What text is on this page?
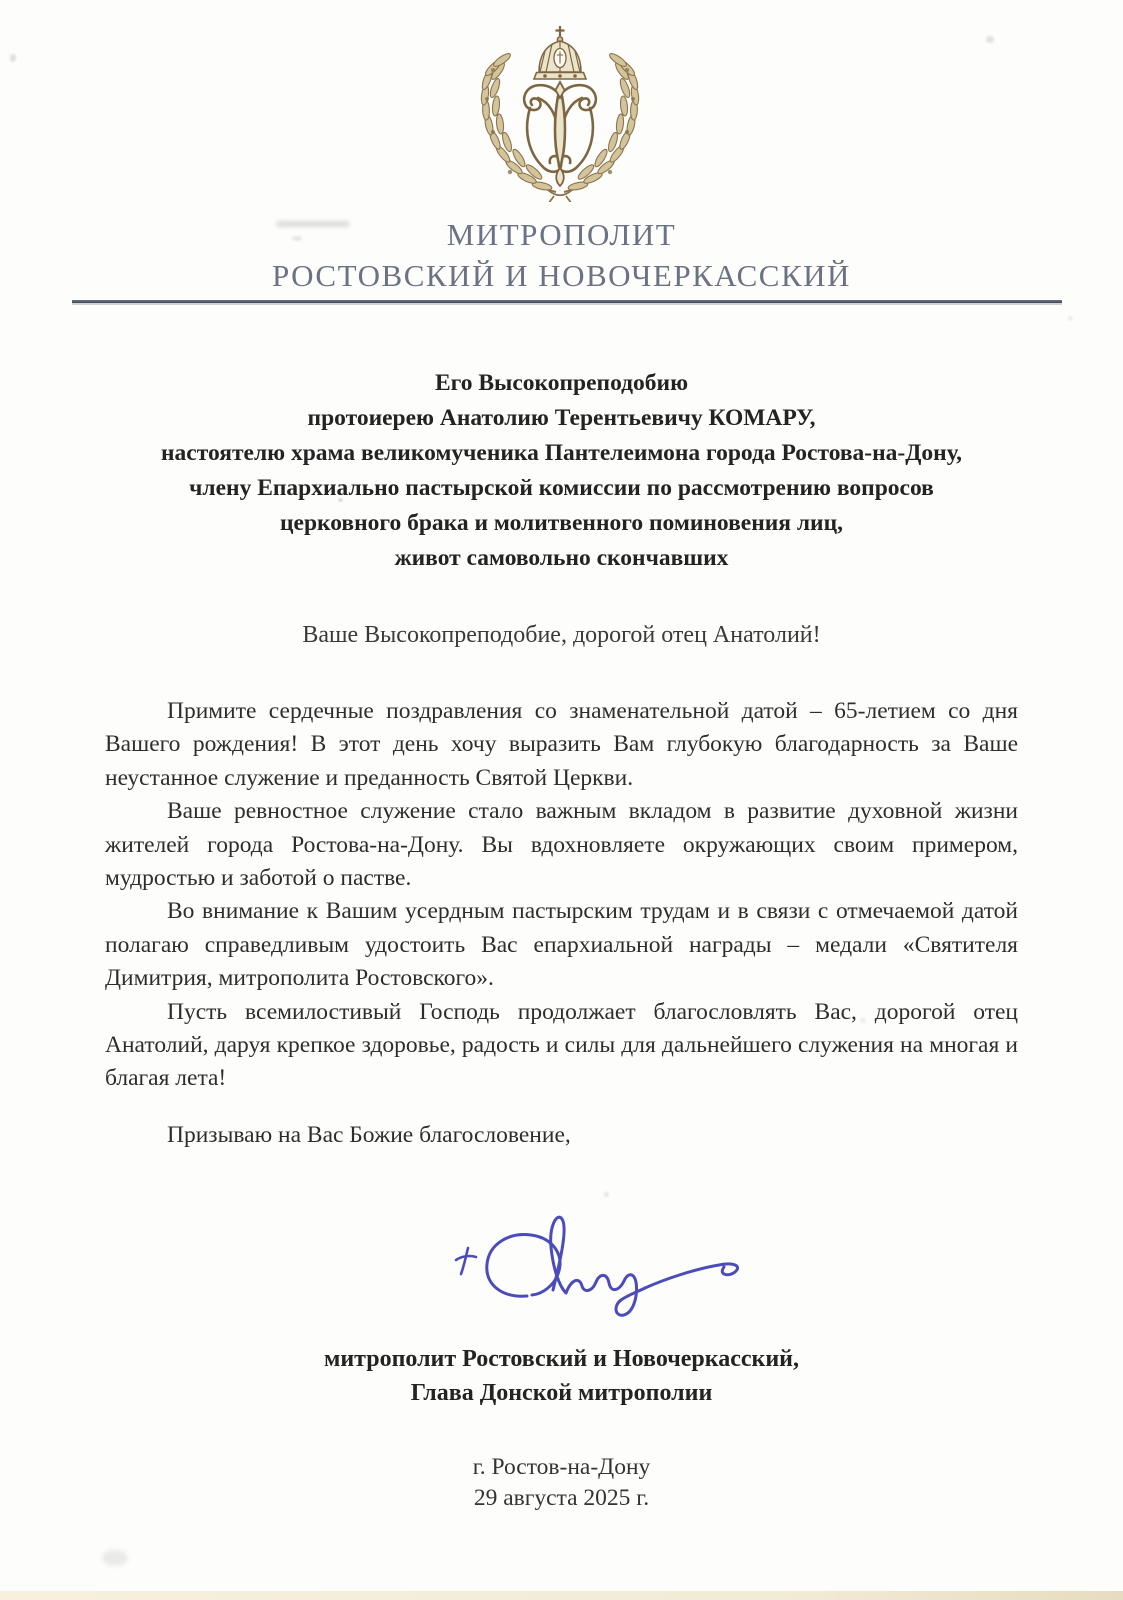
МИТРОПОЛИТ
РОСТОВСКИЙ И НОВОЧЕРКАССКИЙ
Его Высокопреподобию
протоиерею Анатолию Терентьевичу КОМАРУ,
настоятелю храма великомученика Пантелеимона города Ростова-на-Дону,
члену Епархиально пастырской комиссии по рассмотрению вопросов
церковного брака и молитвенного поминовения лиц,
живот самовольно скончавших
Ваше Высокопреподобие, дорогой отец Анатолий!

Примите сердечные поздравления со знаменательной датой – 65-летием со дня Вашего рождения! В этот день хочу выразить Вам глубокую благодарность за Ваше неустанное служение и преданность Святой Церкви.

Ваше ревностное служение стало важным вкладом в развитие духовной жизни жителей города Ростова-на-Дону. Вы вдохновляете окружающих своим примером, мудростью и заботой о пастве.

Во внимание к Вашим усердным пастырским трудам и в связи с отмечаемой датой полагаю справедливым удостоить Вас епархиальной награды – медали «Святителя Димитрия, митрополита Ростовского».

Пусть всемилостивый Господь продолжает благословлять Вас, дорогой отец Анатолий, даруя крепкое здоровье, радость и силы для дальнейшего служения на многая и благая лета!

Призываю на Вас Божие благословение,

митрополит Ростовский и Новочеркасский,
Глава Донской митрополии
г. Ростов-на-Дону
29 августа 2025 г.
